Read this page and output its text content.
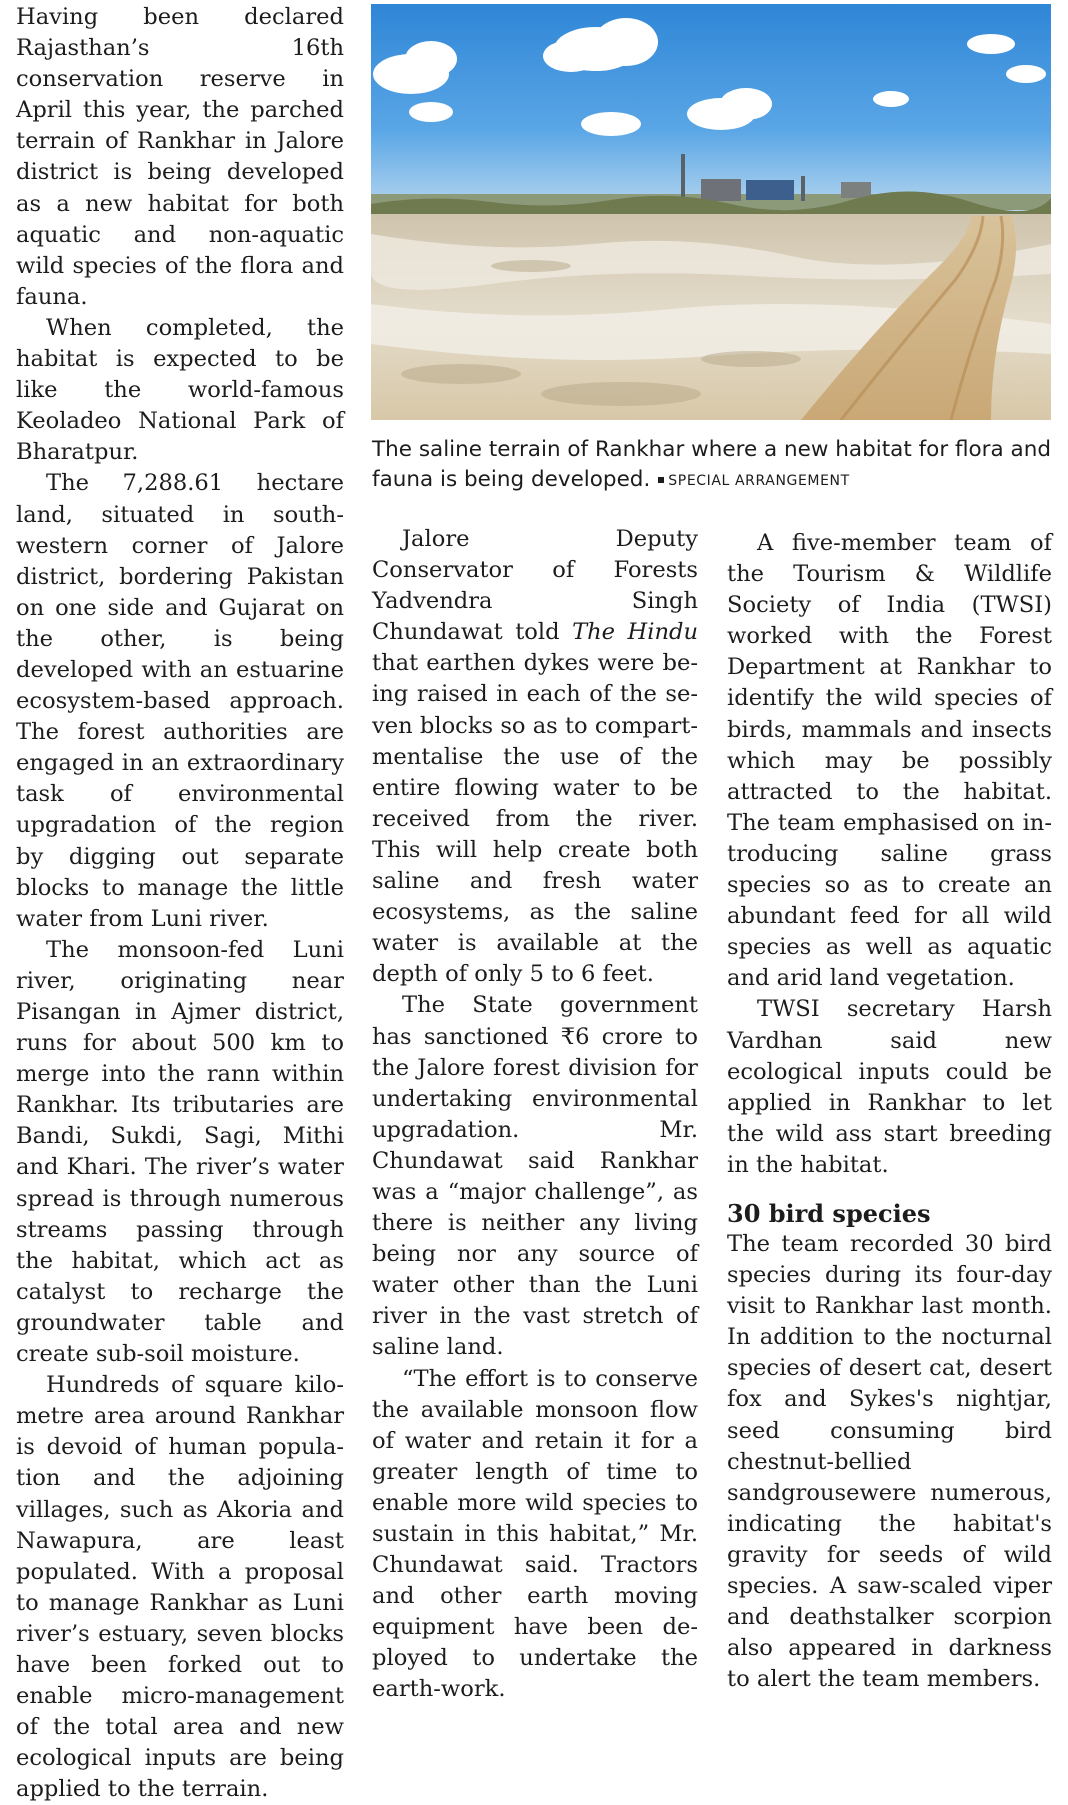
Having been declared Rajasthan’s 16th conservation reserve in April this year, the parched terrain of Rankhar in Jalore district is being developed as a new habitat for both aquatic and non-aquatic wild species of the flora and fauna.

When completed, the habitat is expected to be like the world-famous Keoladeo National Park of Bharatpur.

The 7,288.61 hectare land, situated in south-western corner of Jalore district, bordering Pakistan on one side and Gujarat on the other, is being developed with an estuarine ecosystem-based approach. The forest authorities are engaged in an extraordinary task of environmental upgradation of the region by digging out separate blocks to manage the little water from Luni river.

The monsoon-fed Luni river, originating near Pisangan in Ajmer district, runs for about 500 km to merge into the rann within Rankhar. Its tributaries are Bandi, Sukdi, Sagi, Mithi and Khari. The river’s water spread is through numerous streams passing through the habitat, which act as catalyst to recharge the groundwater table and create sub-soil moisture.

Hundreds of square kilometre area around Rankhar is devoid of human population and the adjoining villages, such as Akoria and Nawapura, are least populated. With a proposal to manage Rankhar as Luni river’s estuary, seven blocks have been forked out to enable micro-management of the total area and new ecological inputs are being applied to the terrain.

The saline terrain of Rankhar where a new habitat for flora and fauna is being developed. SPECIAL ARRANGEMENT

Jalore Deputy Conservator of Forests Yadvendra Singh Chundawat told The Hindu that earthen dykes were being raised in each of the seven blocks so as to compartmentalise the use of the entire flowing water to be received from the river. This will help create both saline and fresh water ecosystems, as the saline water is available at the depth of only 5 to 6 feet.

The State government has sanctioned ₹6 crore to the Jalore forest division for undertaking environmental upgradation. Mr. Chundawat said Rankhar was a “major challenge”, as there is neither any living being nor any source of water other than the Luni river in the vast stretch of saline land.

“The effort is to conserve the available monsoon flow of water and retain it for a greater length of time to enable more wild species to sustain in this habitat,” Mr. Chundawat said. Tractors and other earth moving equipment have been deployed to undertake the earth-work.

A five-member team of the Tourism & Wildlife Society of India (TWSI) worked with the Forest Department at Rankhar to identify the wild species of birds, mammals and insects which may be possibly attracted to the habitat. The team emphasised on introducing saline grass species so as to create an abundant feed for all wild species as well as aquatic and arid land vegetation.

TWSI secretary Harsh Vardhan said new ecological inputs could be applied in Rankhar to let the wild ass start breeding in the habitat.

30 bird species

The team recorded 30 bird species during its four-day visit to Rankhar last month. In addition to the nocturnal species of desert cat, desert fox and Sykes's nightjar, seed consuming bird chestnut-bellied sandgrousewere numerous, indicating the habitat's gravity for seeds of wild species. A saw-scaled viper and deathstalker scorpion also appeared in darkness to alert the team members.
